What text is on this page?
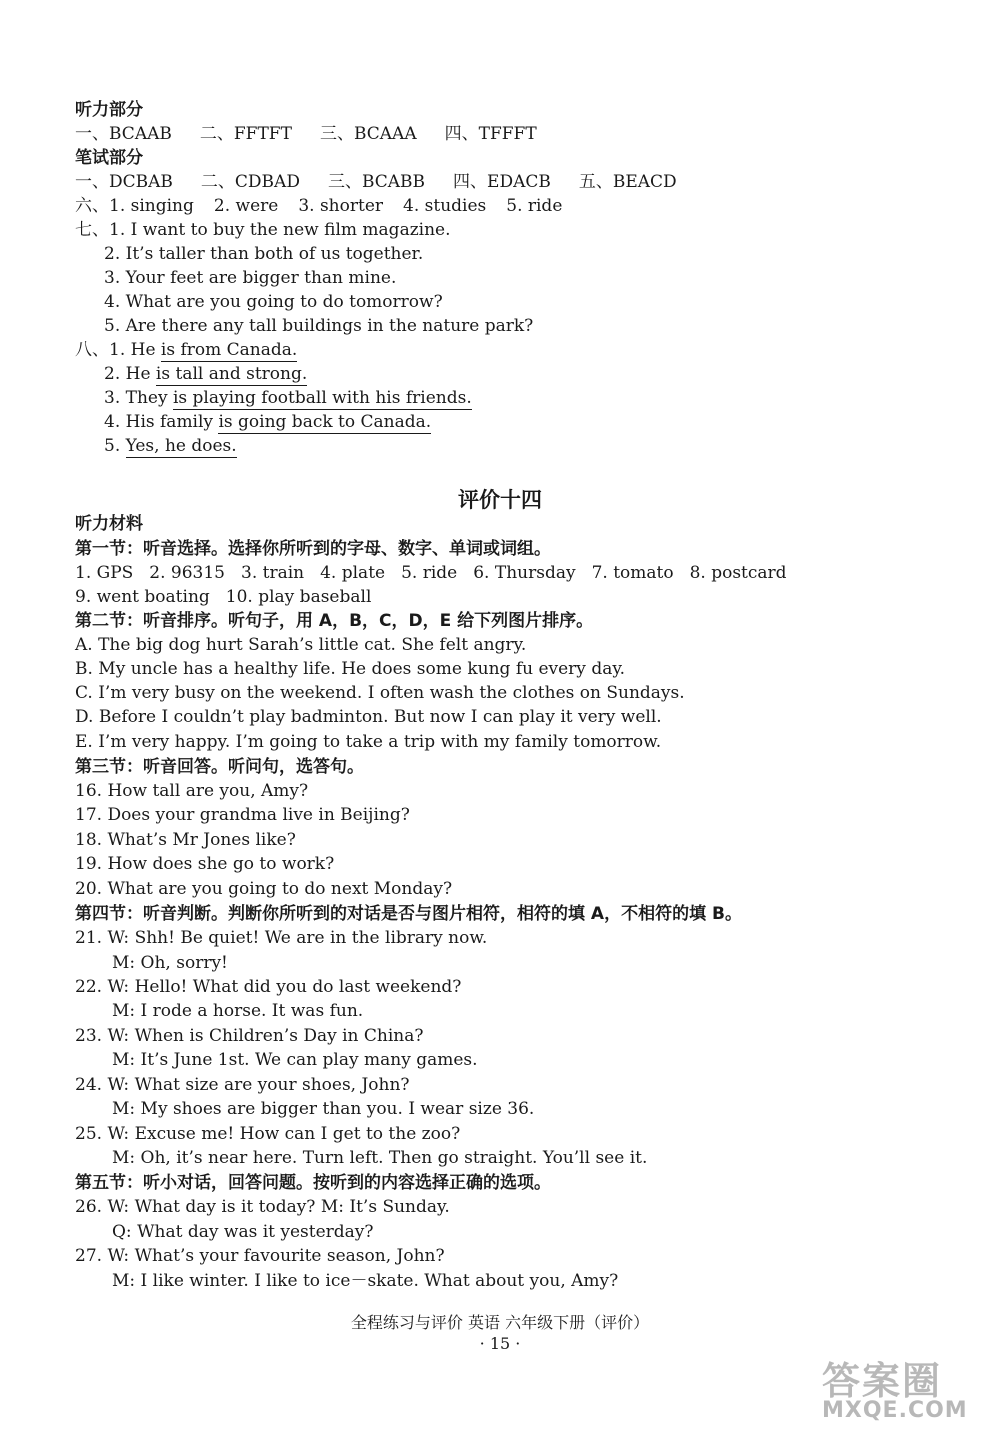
听力部分
一、BCAAB 二、FFTFT 三、BCAAA 四、TFFFT
笔试部分
一、DCBAB 二、CDBAD 三、BCABB 四、EDACB 五、BEACD
六、1. singing 2. were 3. shorter 4. studies 5. ride
七、1. I want to buy the new film magazine.
2. It’s taller than both of us together.
3. Your feet are bigger than mine.
4. What are you going to do tomorrow?
5. Are there any tall buildings in the nature park?
八、1. He is from Canada.
2. He is tall and strong.
3. They is playing football with his friends.
4. His family is going back to Canada.
5. Yes, he does.
评价十四
听力材料
第一节：听音选择。选择你所听到的字母、数字、单词或词组。
1. GPS 2. 96315 3. train 4. plate 5. ride 6. Thursday 7. tomato 8. postcard
9. went boating 10. play baseball
第二节：听音排序。听句子，用 A，B，C，D，E 给下列图片排序。
A. The big dog hurt Sarah’s little cat. She felt angry.
B. My uncle has a healthy life. He does some kung fu every day.
C. I’m very busy on the weekend. I often wash the clothes on Sundays.
D. Before I couldn’t play badminton. But now I can play it very well.
E. I’m very happy. I’m going to take a trip with my family tomorrow.
第三节：听音回答。听问句，选答句。
16. How tall are you, Amy?
17. Does your grandma live in Beijing?
18. What’s Mr Jones like?
19. How does she go to work?
20. What are you going to do next Monday?
第四节：听音判断。判断你所听到的对话是否与图片相符，相符的填 A，不相符的填 B。
21. W: Shh! Be quiet! We are in the library now.
M: Oh, sorry!
22. W: Hello! What did you do last weekend?
M: I rode a horse. It was fun.
23. W: When is Children’s Day in China?
M: It’s June 1st. We can play many games.
24. W: What size are your shoes, John?
M: My shoes are bigger than you. I wear size 36.
25. W: Excuse me! How can I get to the zoo?
M: Oh, it’s near here. Turn left. Then go straight. You’ll see it.
第五节：听小对话，回答问题。按听到的内容选择正确的选项。
26. W: What day is it today? M: It’s Sunday.
Q: What day was it yesterday?
27. W: What’s your favourite season, John?
M: I like winter. I like to ice－skate. What about you, Amy?
全程练习与评价 英语 六年级下册（评价）
· 15 ·
答案圈
MXQE.COM
